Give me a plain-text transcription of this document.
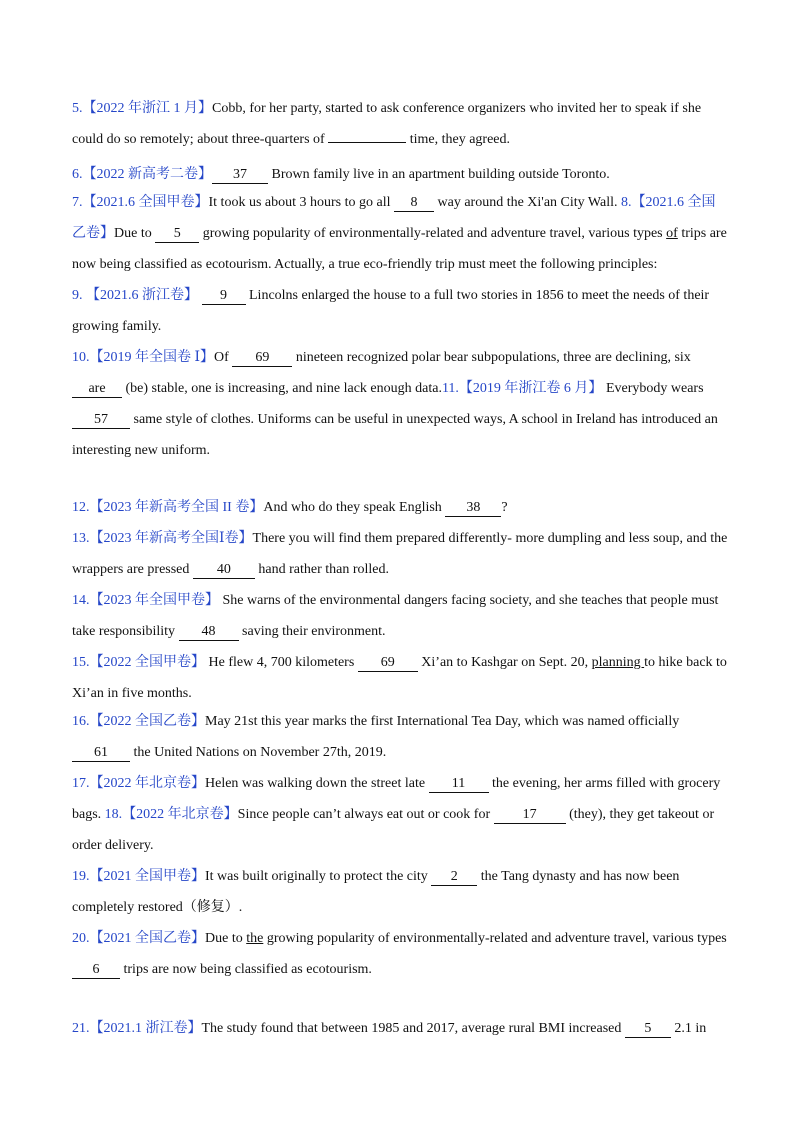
5.【2022 年浙江 1 月】Cobb, for her party, started to ask conference organizers who invited her to speak if she could do so remotely; about three-quarters of	time, they agreed.

6.【2022 新高考二卷】 37 Brown family live in an apartment building outside Toronto.

7.【2021.6 全国甲卷】It took us about 3 hours to go all 8 way around the Xi'an City Wall. 8.【2021.6 全国乙卷】Due to 5 growing popularity of environmentally-related and adventure travel, various types of trips are now being classified as ecotourism. Actually, a true eco-friendly trip must meet the following principles:

9. 【2021.6 浙江卷】 9 Lincolns enlarged the house to a full two stories in 1856 to meet the needs of their growing family.

10.【2019 年全国卷 Ⅰ】Of 69 nineteen recognized polar bear subpopulations, three are declining, six are (be) stable, one is increasing, and nine lack enough data.11.【2019 年浙江卷 6 月】 Everybody wears57 same style of clothes. Uniforms can be useful in unexpected ways, A school in Ireland has introduced an interesting new uniform.

12.【2023 年新高考全国 II 卷】And who do they speak English 38 ?

13.【2023 年新高考全国Ⅰ卷】There you will find them prepared differently- more dumpling and less soup, and the wrappers are pressed 40 hand rather than rolled.

14.【2023 年全国甲卷】 She warns of the environmental dangers facing society, and she teaches that people must take responsibility 48 saving their environment.

15.【2022 全国甲卷】 He flew 4, 700 kilometers 69 Xi’an to Kashgar on Sept. 20, planning to hike back to Xi’an in five months.

16.【2022 全国乙卷】May 21st this year marks the first International Tea Day, which was named officially 61 the United Nations on November 27th, 2019.

17.【2022 年北京卷】Helen was walking down the street late 11 the evening, her arms filled with grocery bags. 18.【2022 年北京卷】Since people can’t always eat out or cook for 17 (they), they get takeout or order delivery.

19.【2021 全国甲卷】It was built originally to protect the city 2 the Tang dynasty and has now been completely restored（修复）.

20.【2021 全国乙卷】Due to the growing popularity of environmentally-related and adventure travel, various types 6 trips are now being classified as ecotourism.

21.【2021.1 浙江卷】The study found that between 1985 and 2017, average rural BMI increased 5 2.1 in
